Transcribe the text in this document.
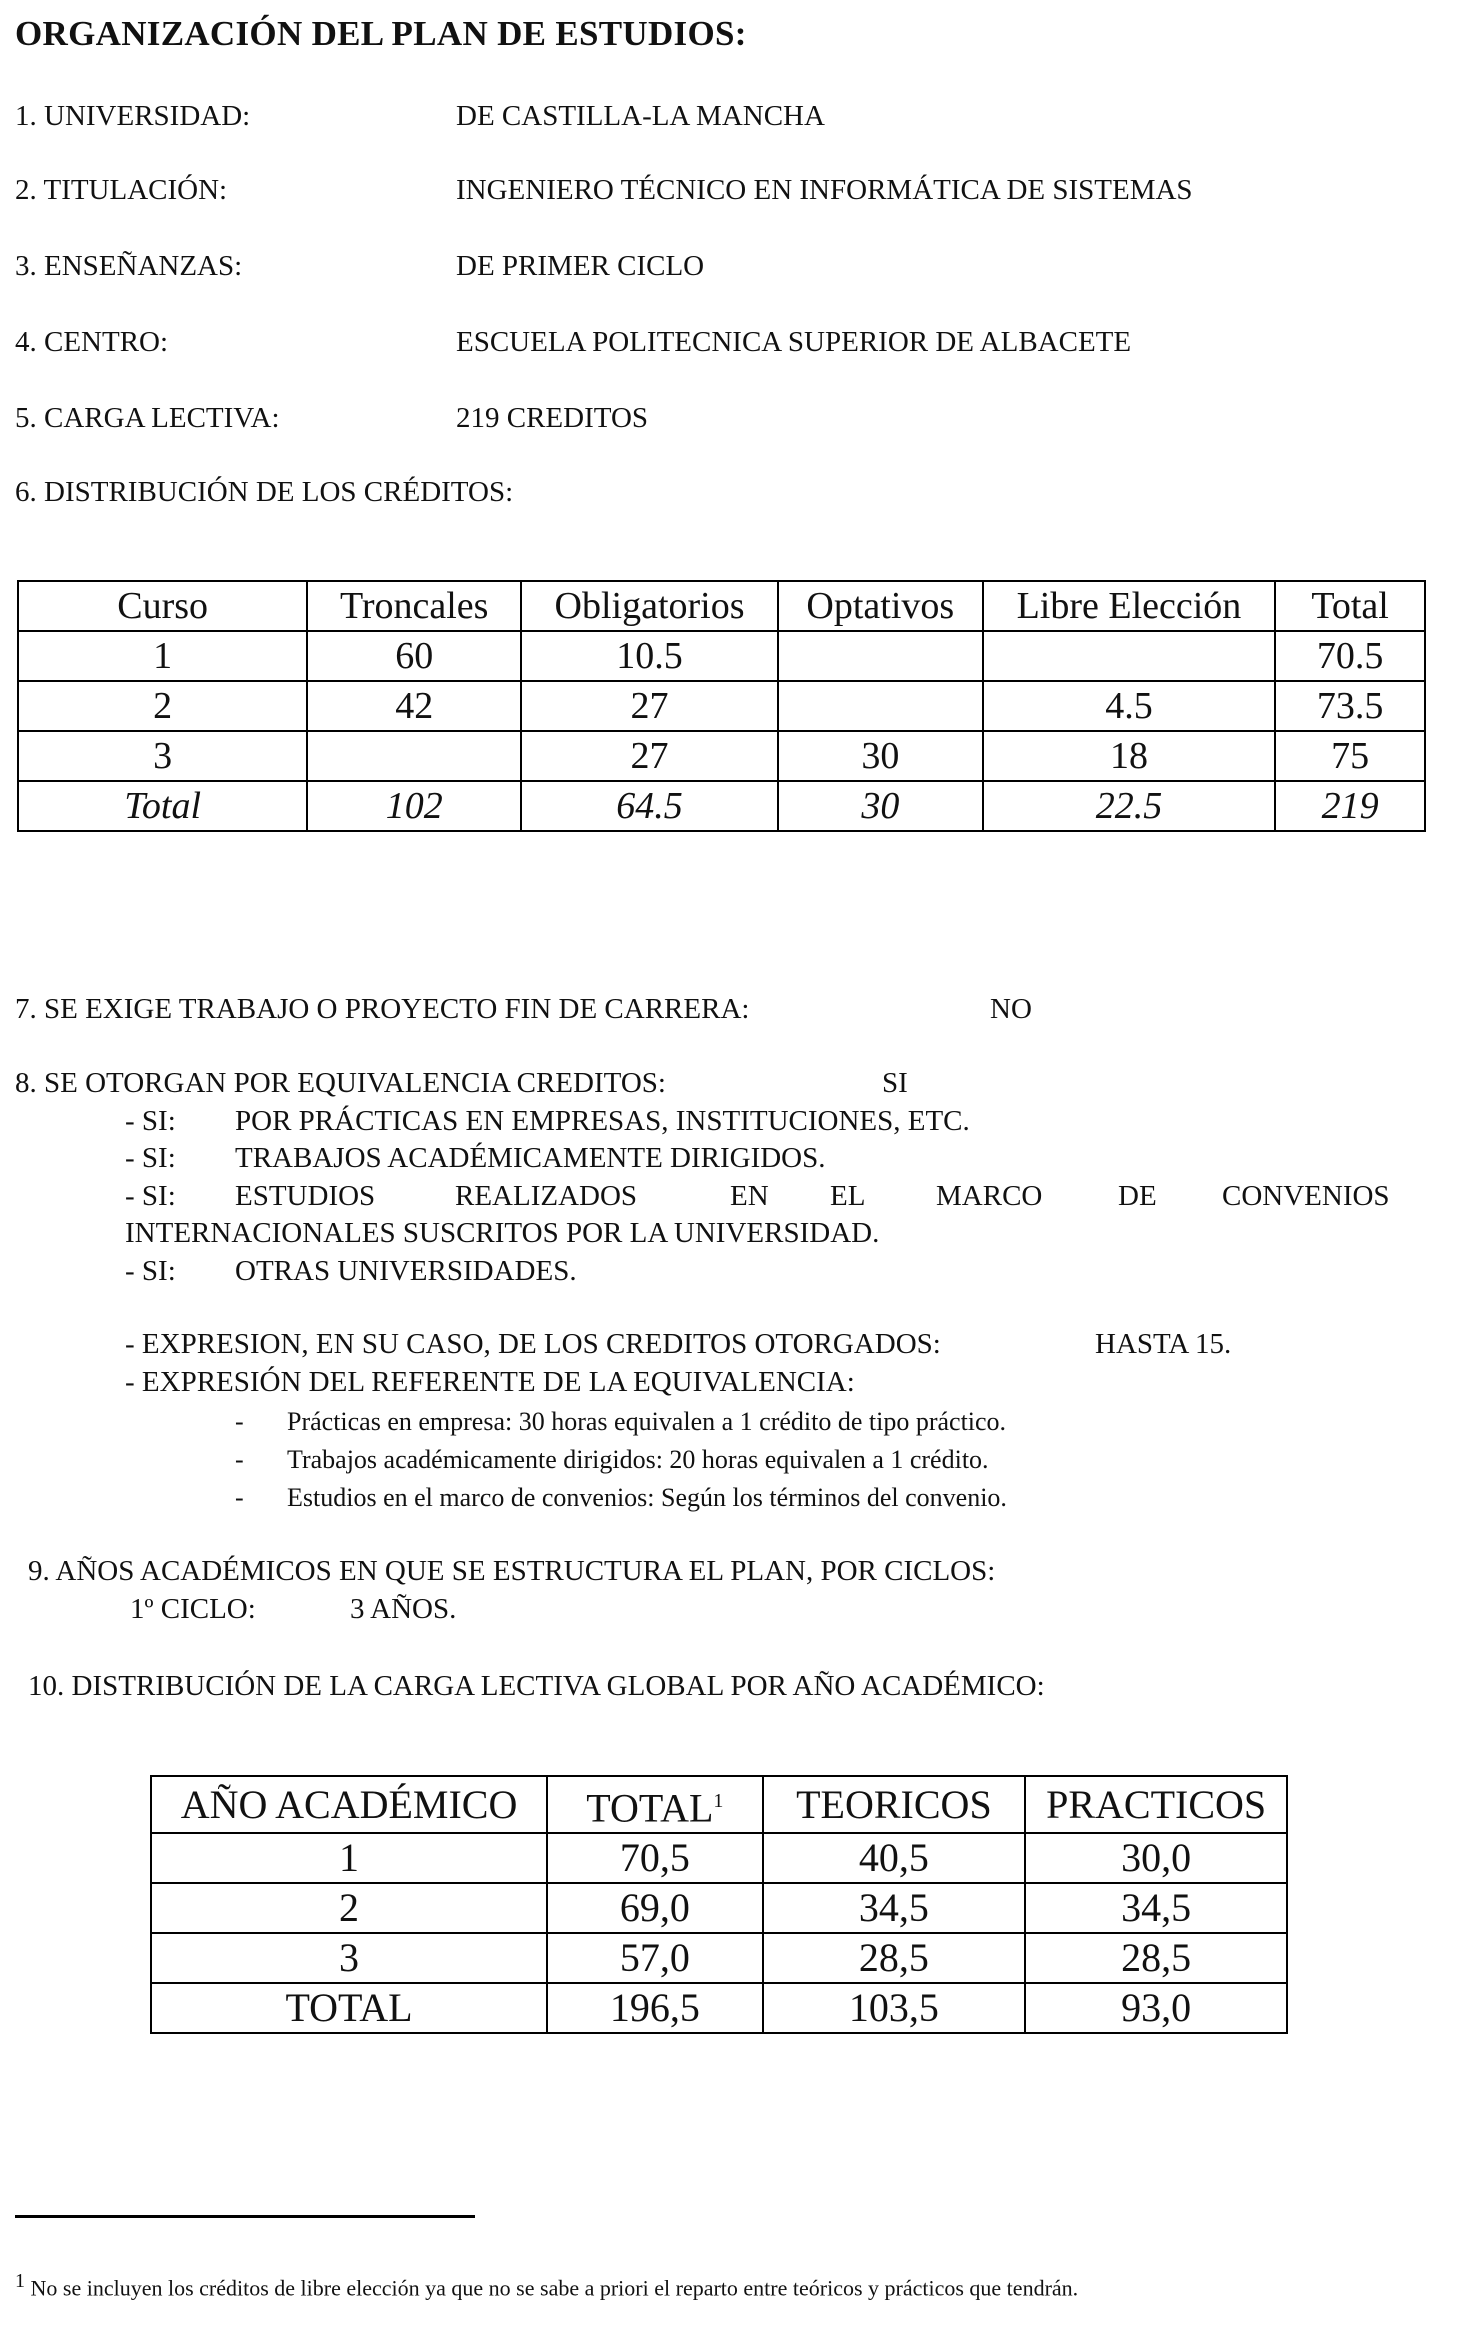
ORGANIZACIÓN DEL PLAN DE ESTUDIOS:
1. UNIVERSIDAD:	DE CASTILLA-LA MANCHA
2. TITULACIÓN:	INGENIERO TÉCNICO EN INFORMÁTICA DE SISTEMAS
3. ENSEÑANZAS:	DE PRIMER CICLO
4. CENTRO:	ESCUELA POLITECNICA SUPERIOR DE ALBACETE
5. CARGA LECTIVA:	219 CREDITOS
6. DISTRIBUCIÓN DE LOS CRÉDITOS:
Curso	Troncales	Obligatorios	Optativos	Libre Elección	Total
1	60	10.5			70.5
2	42	27		4.5	73.5
3		27	30	18	75
Total	102	64.5	30	22.5	219
7. SE EXIGE TRABAJO O PROYECTO FIN DE CARRERA:	NO
8. SE OTORGAN POR EQUIVALENCIA CREDITOS:	SI
- SI: POR PRÁCTICAS EN EMPRESAS, INSTITUCIONES, ETC.
- SI: TRABAJOS ACADÉMICAMENTE DIRIGIDOS.
- SI: ESTUDIOS	REALIZADOS	EN EL MARCO	DE CONVENIOS
INTERNACIONALES SUSCRITOS POR LA UNIVERSIDAD.
- SI: OTRAS UNIVERSIDADES.
- EXPRESION, EN SU CASO, DE LOS CREDITOS OTORGADOS:	HASTA 15.
- EXPRESIÓN DEL REFERENTE DE LA EQUIVALENCIA:
- Prácticas en empresa: 30 horas equivalen a 1 crédito de tipo práctico.
- Trabajos académicamente dirigidos: 20 horas equivalen a 1 crédito.
- Estudios en el marco de convenios: Según los términos del convenio.
9. AÑOS ACADÉMICOS EN QUE SE ESTRUCTURA EL PLAN, POR CICLOS:
1º CICLO:	3 AÑOS.
10. DISTRIBUCIÓN DE LA CARGA LECTIVA GLOBAL POR AÑO ACADÉMICO:
AÑO ACADÉMICO	TOTAL$^1$	TEORICOS	PRACTICOS
1	70,5	40,5	30,0
2	69,0	34,5	34,5
3	57,0	28,5	28,5
TOTAL	196,5	103,5	93,0
$^1$ No se incluyen los créditos de libre elección ya que no se sabe a priori el reparto entre teóricos y prácticos que tendrán.
